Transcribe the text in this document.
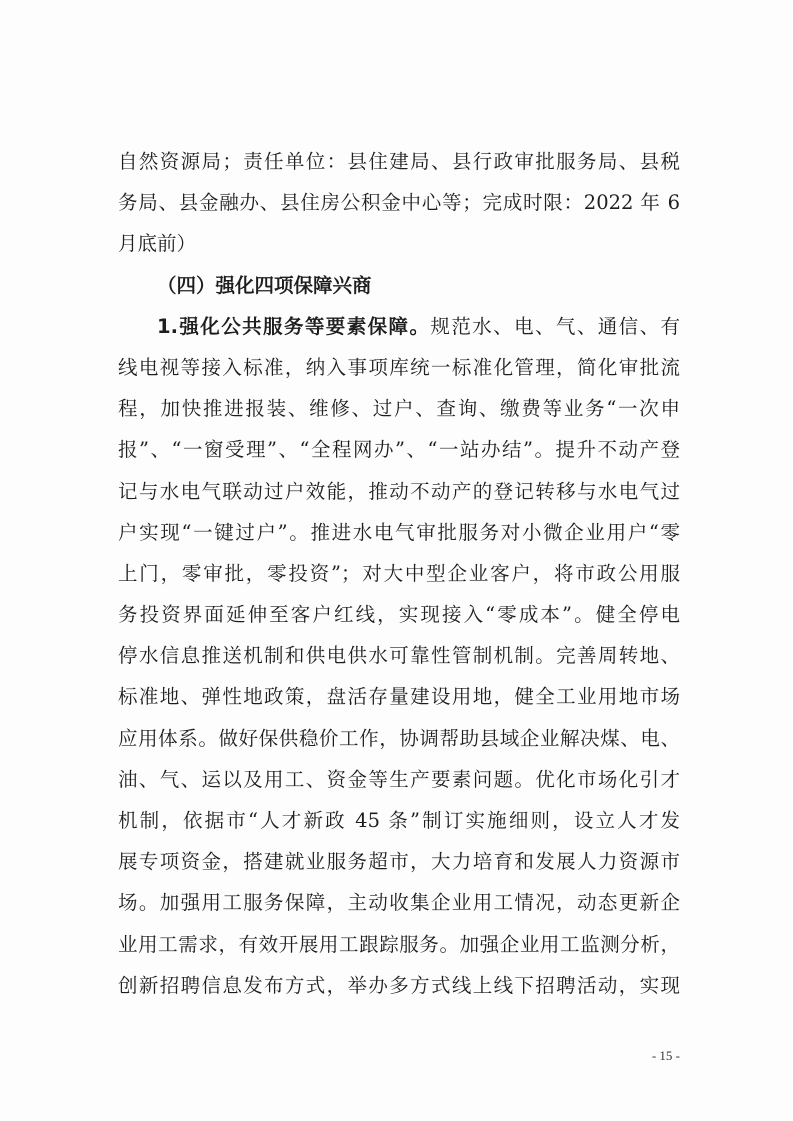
自然资源局；责任单位：县住建局、县行政审批服务局、县税
务局、县金融办、县住房公积金中心等；完成时限：2022 年 6
月底前）
（四）强化四项保障兴商
1.强化公共服务等要素保障。规范水、电、气、通信、有
线电视等接入标准，纳入事项库统一标准化管理，简化审批流
程，加快推进报装、维修、过户、查询、缴费等业务“一次申
报”、“一窗受理”、“全程网办”、“一站办结”。提升不动产登
记与水电气联动过户效能，推动不动产的登记转移与水电气过
户实现“一键过户”。推进水电气审批服务对小微企业用户“零
上门，零审批，零投资”；对大中型企业客户，将市政公用服
务投资界面延伸至客户红线，实现接入“零成本”。健全停电
停水信息推送机制和供电供水可靠性管制机制。完善周转地、
标准地、弹性地政策，盘活存量建设用地，健全工业用地市场
应用体系。做好保供稳价工作，协调帮助县域企业解决煤、电、
油、气、运以及用工、资金等生产要素问题。优化市场化引才
机制，依据市“人才新政 45 条”制订实施细则，设立人才发
展专项资金，搭建就业服务超市，大力培育和发展人力资源市
场。加强用工服务保障，主动收集企业用工情况，动态更新企
业用工需求，有效开展用工跟踪服务。加强企业用工监测分析，
创新招聘信息发布方式，举办多方式线上线下招聘活动，实现
- 15 -
